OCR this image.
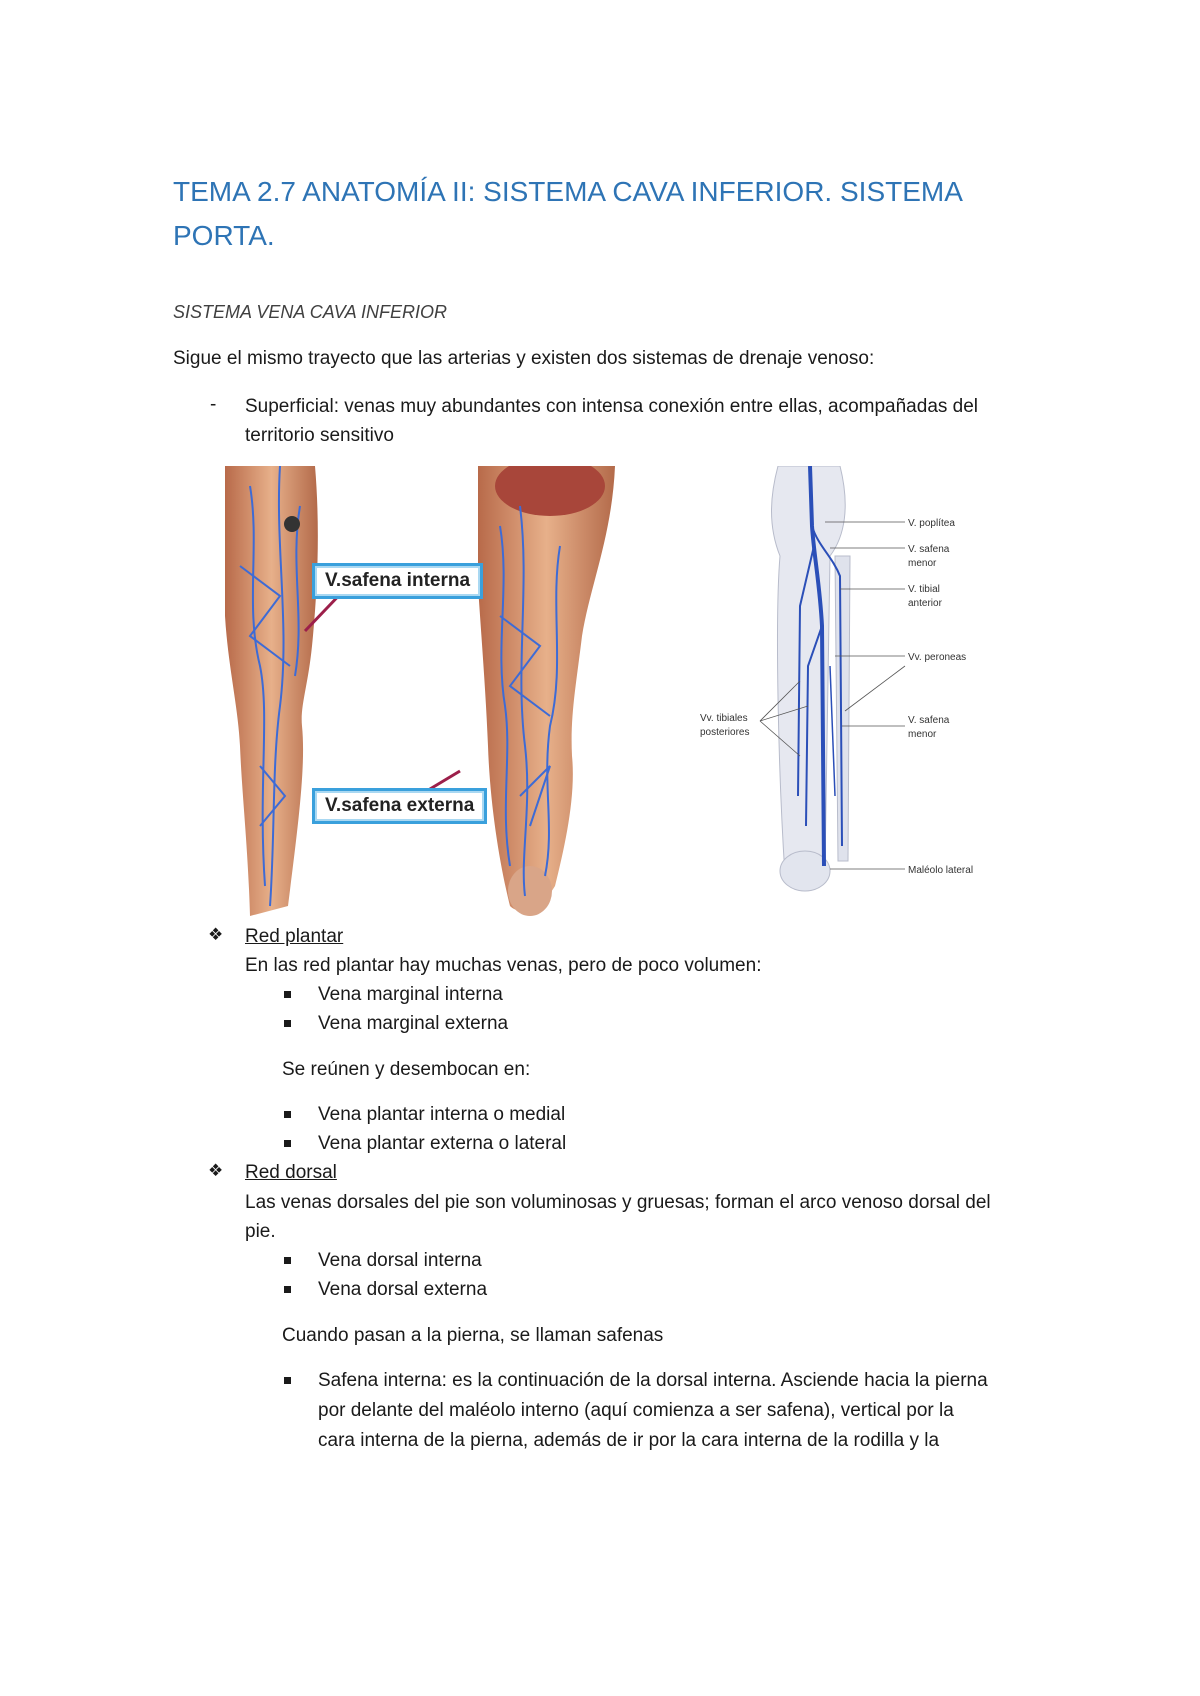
TEMA 2.7 ANATOMÍA II: SISTEMA CAVA INFERIOR. SISTEMA PORTA.
SISTEMA VENA CAVA INFERIOR
Sigue el mismo trayecto que las arterias y existen dos sistemas de drenaje venoso:
- Superficial: venas muy abundantes con intensa conexión entre ellas, acompañadas del
territorio sensitivo
V.safena interna
V.safena externa
V. poplítea
V. safena
menor
V. tibial
anterior
Vv. peroneas
Vv. tibiales
posteriores
V. safena
menor
Maléolo lateral
❖ Red plantar
En las red plantar hay muchas venas, pero de poco volumen:
Vena marginal interna
Vena marginal externa
Se reúnen y desembocan en:
Vena plantar interna o medial
Vena plantar externa o lateral
❖ Red dorsal
Las venas dorsales del pie son voluminosas y gruesas; forman el arco venoso dorsal del
pie.
Vena dorsal interna
Vena dorsal externa
Cuando pasan a la pierna, se llaman safenas
Safena interna: es la continuación de la dorsal interna. Asciende hacia la pierna
por delante del maléolo interno (aquí comienza a ser safena), vertical por la
cara interna de la pierna, además de ir por la cara interna de la rodilla y la
